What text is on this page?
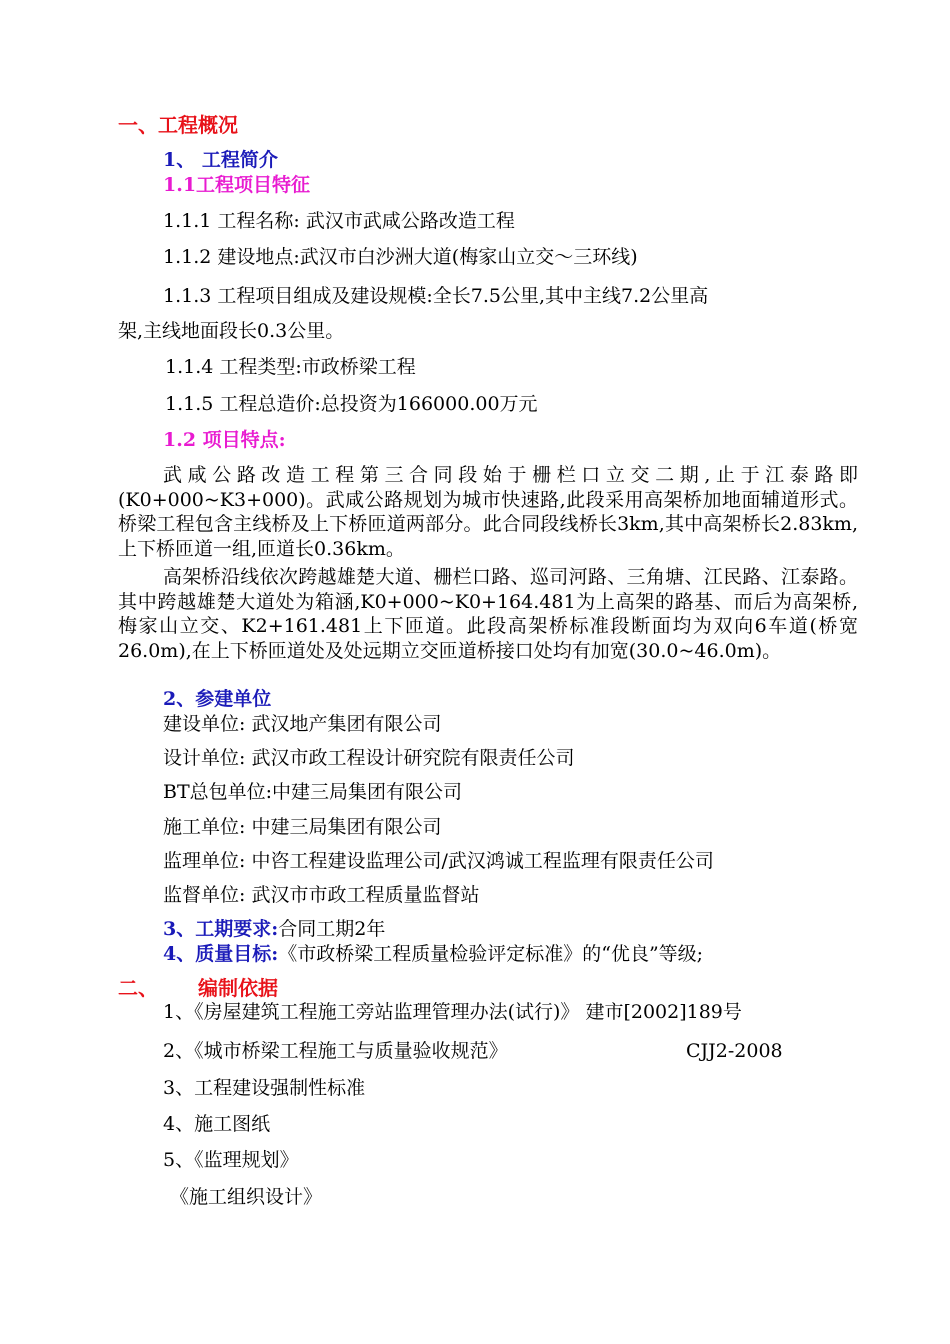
一、工程概况
1、 工程简介
1.1工程项目特征
1.1.1 工程名称: 武汉市武咸公路改造工程
1.1.2 建设地点:武汉市白沙洲大道(梅家山立交～三环线)
1.1.3 工程项目组成及建设规模:全长7.5公里,其中主线7.2公里高
架,主线地面段长0.3公里。
1.1.4 工程类型:市政桥梁工程
1.1.5 工程总造价:总投资为166000.00万元
1.2 项目特点:
武咸公路改造工程第三合同段始于栅栏口立交二期,止于江泰路即(K0+000~K3+000)。武咸公路规划为城市快速路,此段采用高架桥加地面辅道形式。桥梁工程包含主线桥及上下桥匝道两部分。此合同段线桥长3km,其中高架桥长2.83km,上下桥匝道一组,匝道长0.36km。
高架桥沿线依次跨越雄楚大道、栅栏口路、巡司河路、三角塘、江民路、江泰路。其中跨越雄楚大道处为箱涵,K0+000~K0+164.481为上高架的路基、而后为高架桥,梅家山立交、K2+161.481上下匝道。此段高架桥标准段断面均为双向6车道(桥宽26.0m),在上下桥匝道处及处远期立交匝道桥接口处均有加宽(30.0~46.0m)。
2、参建单位
建设单位: 武汉地产集团有限公司
设计单位: 武汉市政工程设计研究院有限责任公司
BT总包单位:中建三局集团有限公司
施工单位: 中建三局集团有限公司
监理单位: 中咨工程建设监理公司/武汉鸿诚工程监理有限责任公司
监督单位: 武汉市市政工程质量监督站
3、工期要求:合同工期2年
4、质量目标:《市政桥梁工程质量检验评定标准》的“优良”等级;
二、 编制依据
1、《房屋建筑工程施工旁站监理管理办法(试行)》 建市[2002]189号
2、《城市桥梁工程施工与质量验收规范》	CJJ2-2008
3、工程建设强制性标准
4、施工图纸
5、《监理规划》
《施工组织设计》
